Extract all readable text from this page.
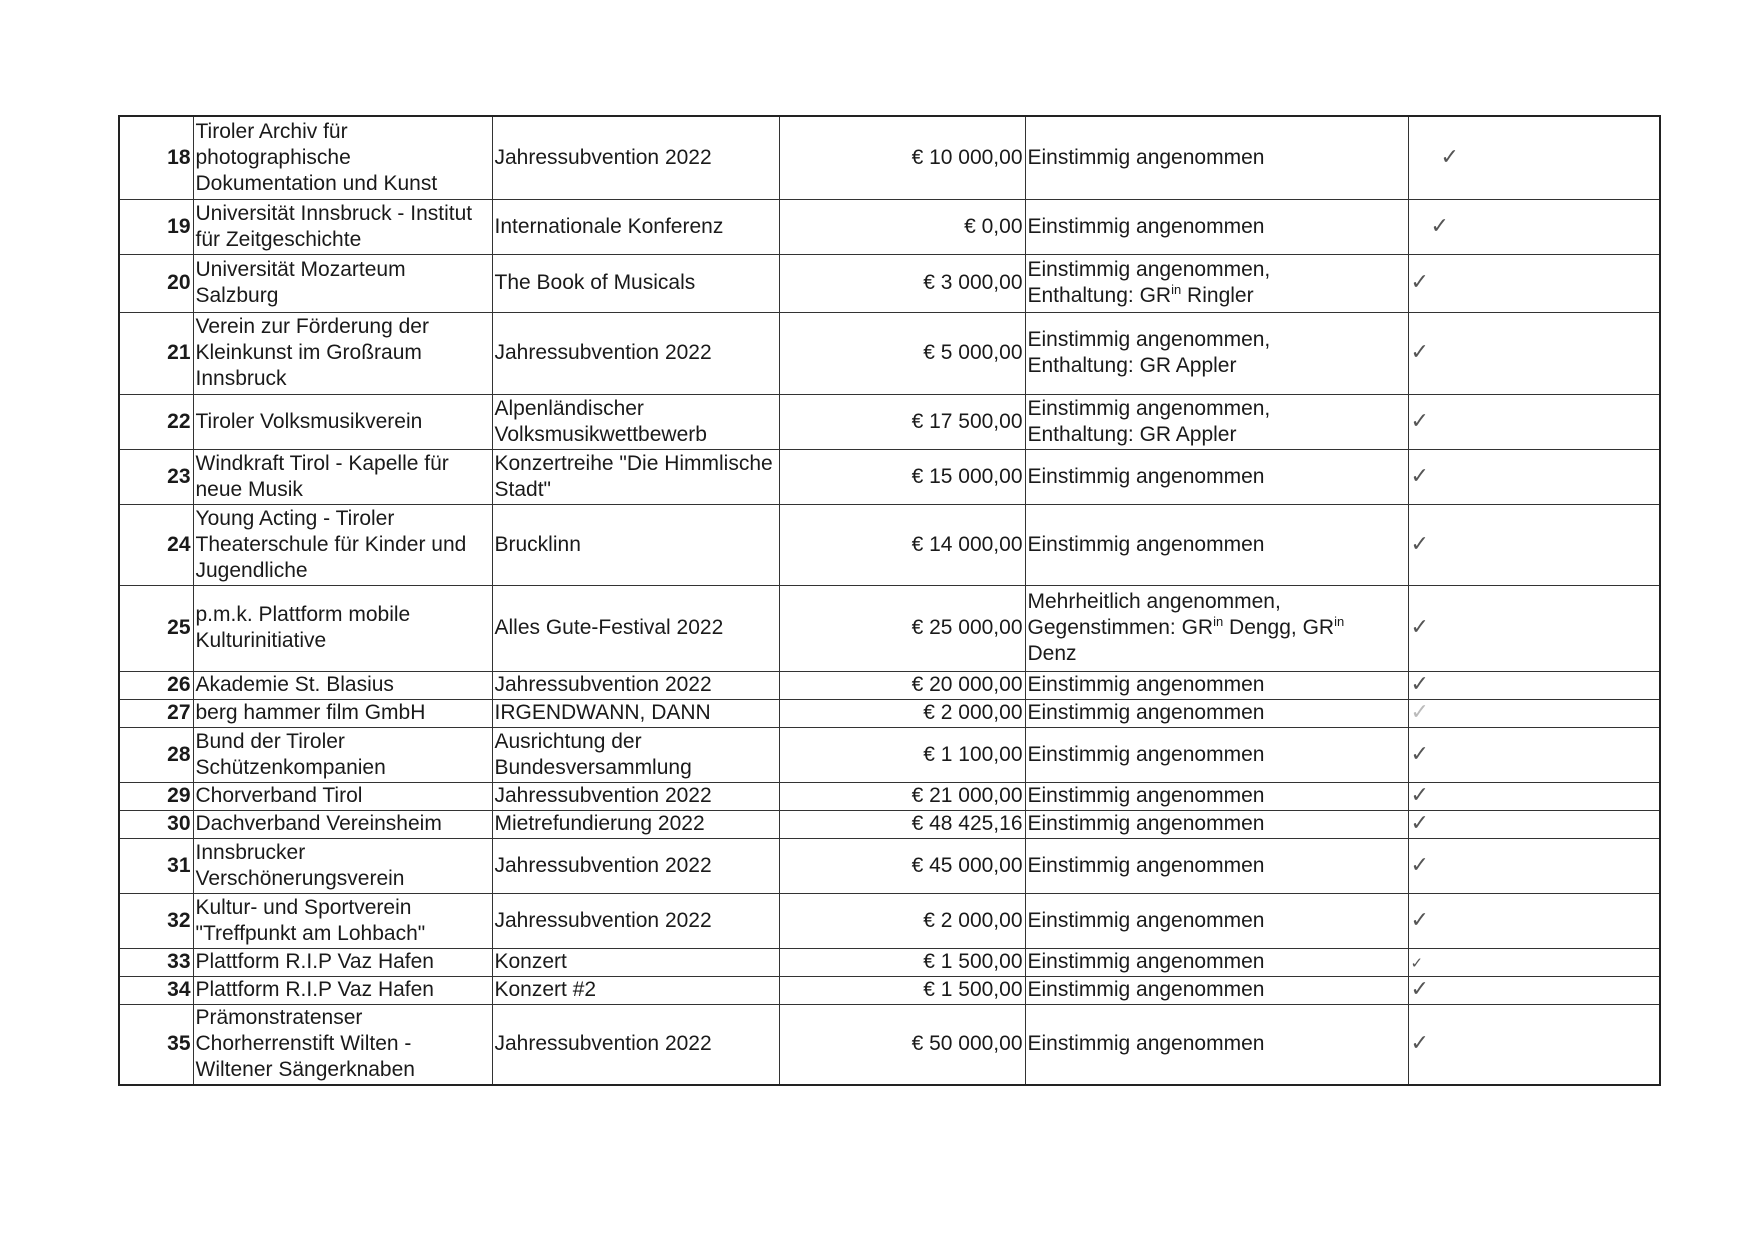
18	Tiroler Archiv für photographische Dokumentation und Kunst	Jahressubvention 2022	€ 10 000,00	Einstimmig angenommen	✓
19	Universität Innsbruck - Institut für Zeitgeschichte	Internationale Konferenz	€ 0,00	Einstimmig angenommen	✓
20	Universität Mozarteum Salzburg	The Book of Musicals	€ 3 000,00	Einstimmig angenommen,
Enthaltung: $GR^{in}$ Ringler	✓
21	Verein zur Förderung der Kleinkunst im Großraum Innsbruck	Jahressubvention 2022	€ 5 000,00	Einstimmig angenommen,
Enthaltung: GR Appler	✓
22	Tiroler Volksmusikverein	Alpenländischer Volksmusikwettbewerb	€ 17 500,00	Einstimmig angenommen,
Enthaltung: GR Appler	✓
23	Windkraft Tirol - Kapelle für neue Musik	Konzertreihe "Die Himmlische Stadt"	€ 15 000,00	Einstimmig angenommen	✓
24	Young Acting - Tiroler Theaterschule für Kinder und Jugendliche	Brucklinn	€ 14 000,00	Einstimmig angenommen	✓
25	p.m.k. Plattform mobile Kulturinitiative	Alles Gute-Festival 2022	€ 25 000,00	Mehrheitlich angenommen,
Gegenstimmen: $GR^{in}$ Dengg, $GR^{in}$
Denz	✓
26	Akademie St. Blasius	Jahressubvention 2022	€ 20 000,00	Einstimmig angenommen	✓
27	berg hammer film GmbH	IRGENDWANN, DANN	€ 2 000,00	Einstimmig angenommen	✓
28	Bund der Tiroler Schützenkompanien	Ausrichtung der Bundesversammlung	€ 1 100,00	Einstimmig angenommen	✓
29	Chorverband Tirol	Jahressubvention 2022	€ 21 000,00	Einstimmig angenommen	✓
30	Dachverband Vereinsheim	Mietrefundierung 2022	€ 48 425,16	Einstimmig angenommen	✓
31	Innsbrucker Verschönerungsverein	Jahressubvention 2022	€ 45 000,00	Einstimmig angenommen	✓
32	Kultur- und Sportverein "Treffpunkt am Lohbach"	Jahressubvention 2022	€ 2 000,00	Einstimmig angenommen	✓
33	Plattform R.I.P Vaz Hafen	Konzert	€ 1 500,00	Einstimmig angenommen	✓
34	Plattform R.I.P Vaz Hafen	Konzert #2	€ 1 500,00	Einstimmig angenommen	✓
35	Prämonstratenser Chorherrenstift Wilten - Wiltener Sängerknaben	Jahressubvention 2022	€ 50 000,00	Einstimmig angenommen	✓
